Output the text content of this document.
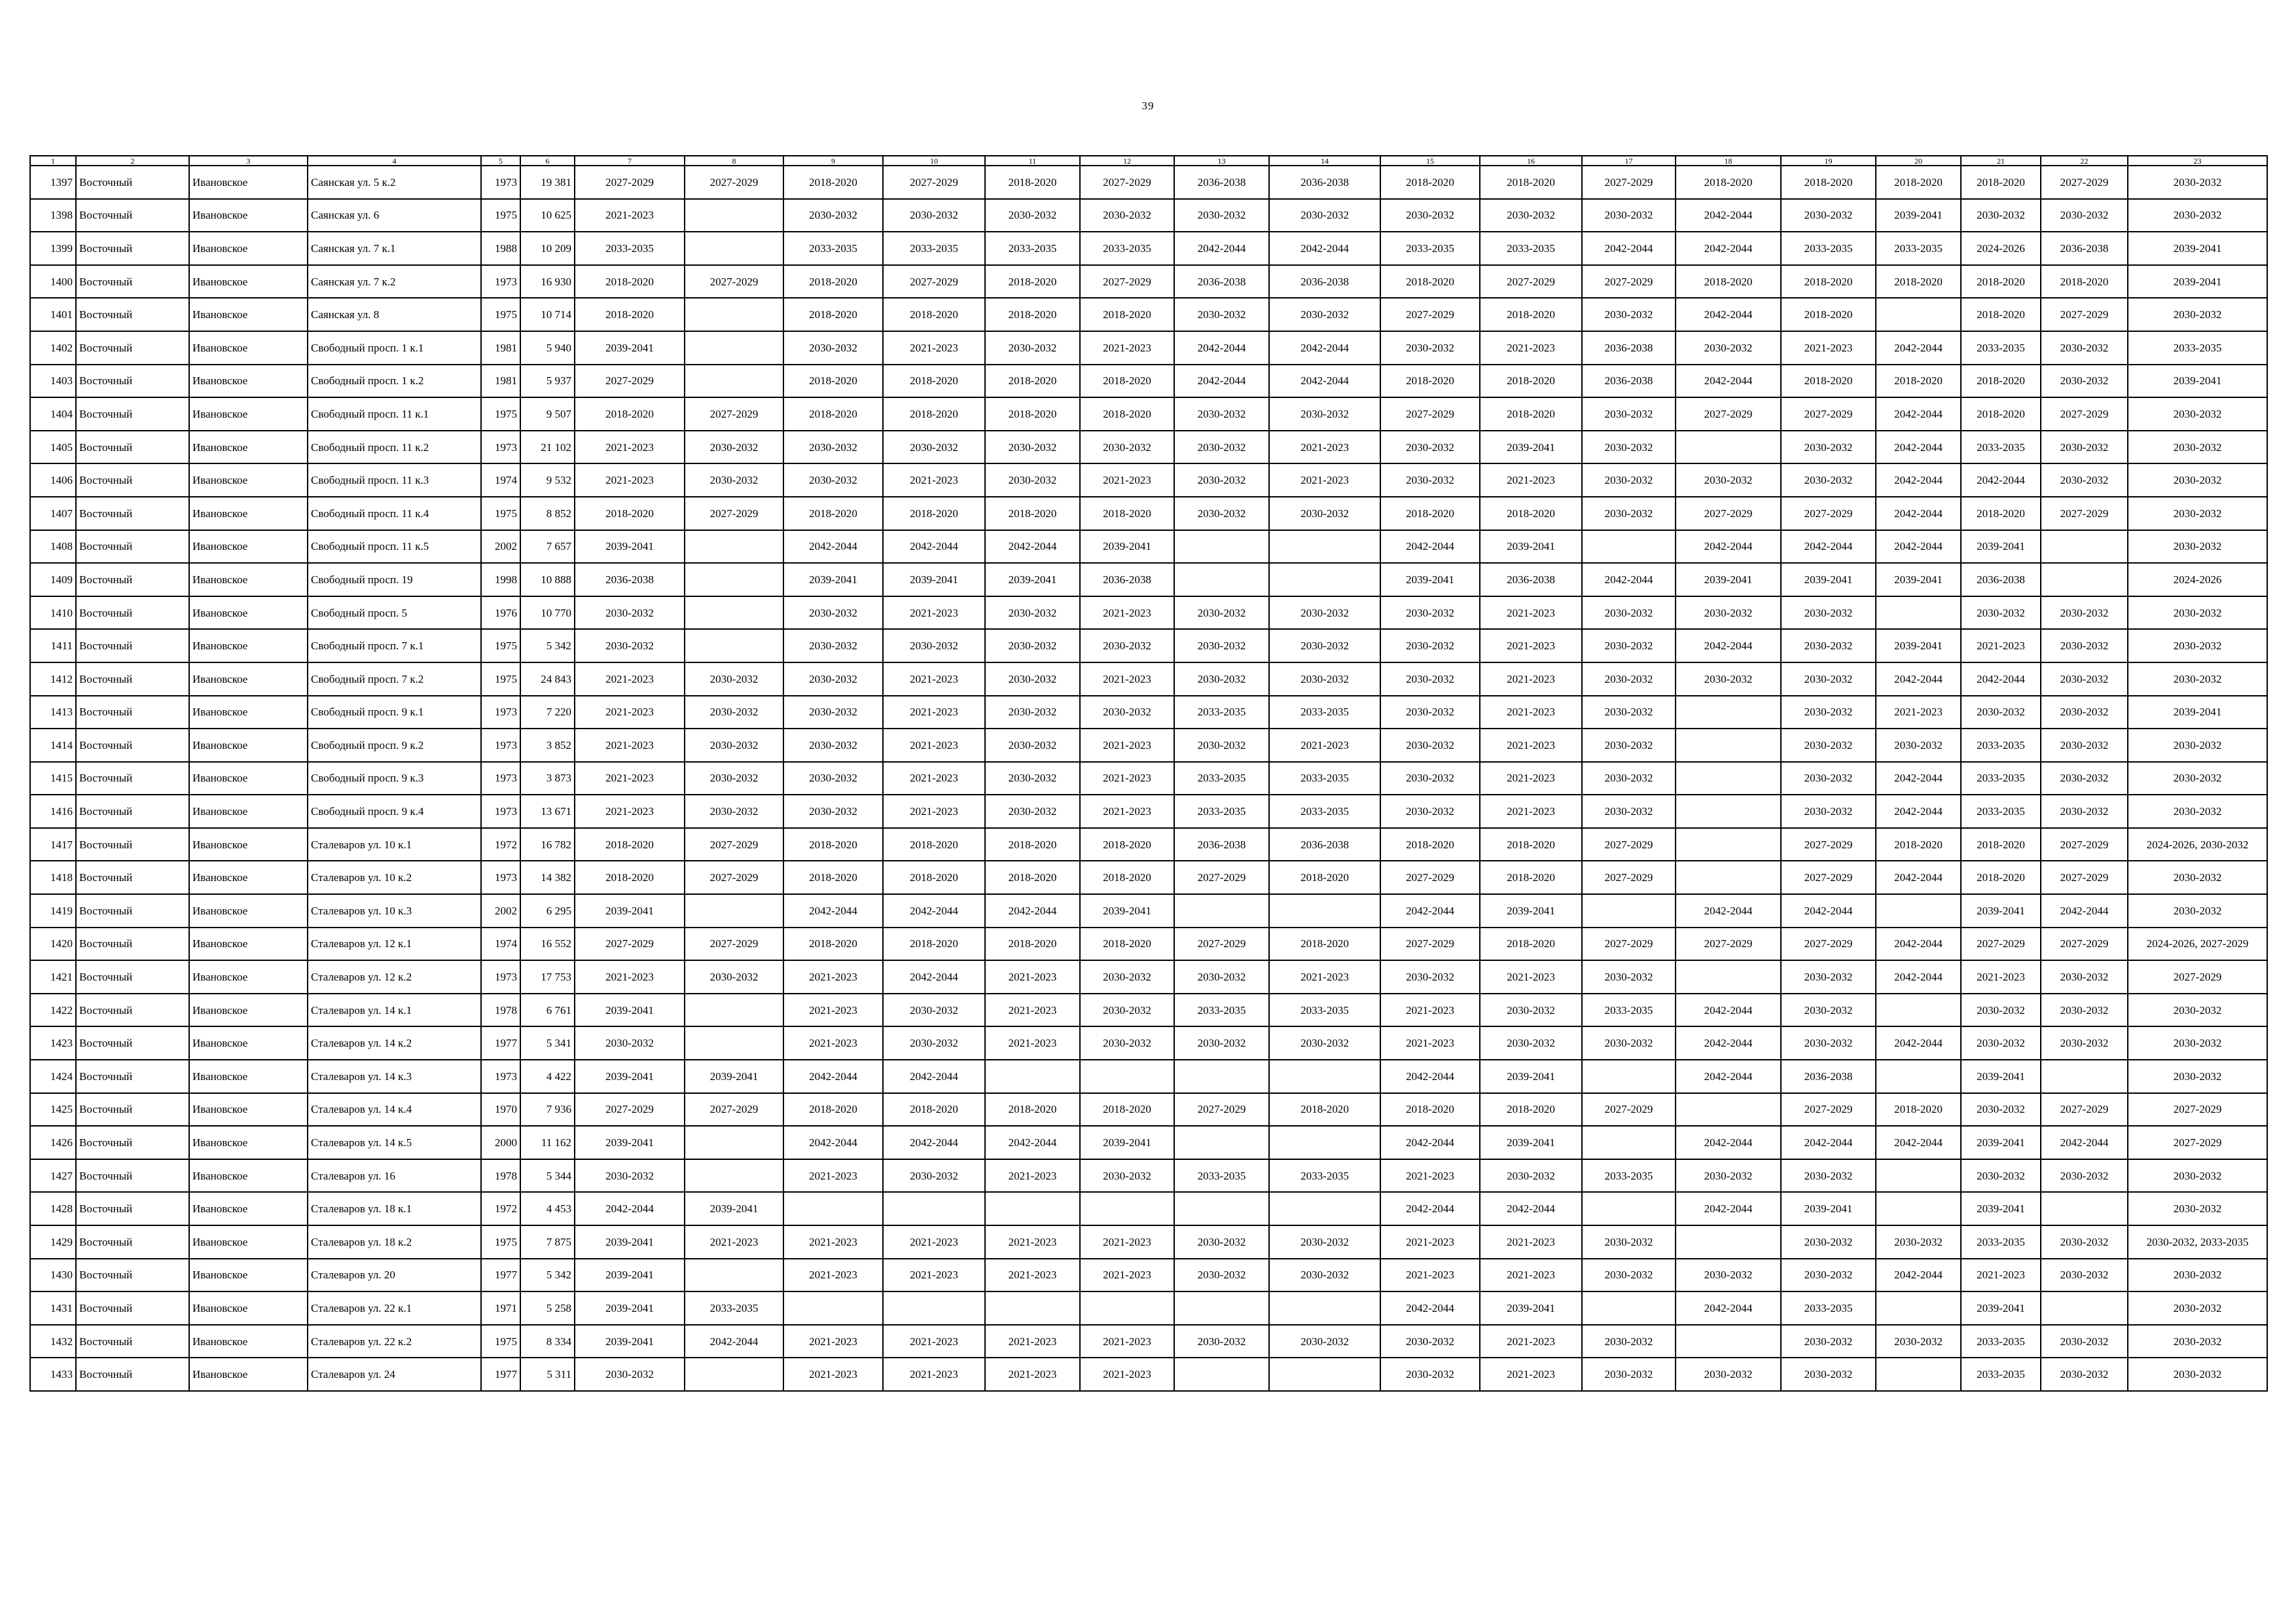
39
1	2	3	4	5	6	7	8	9	10	11	12	13	14	15	16	17	18	19	20	21	22	23
1397	Восточный	Ивановское	Саянская ул. 5 к.2	1973	19 381	2027-2029	2027-2029	2018-2020	2027-2029	2018-2020	2027-2029	2036-2038	2036-2038	2018-2020	2018-2020	2027-2029	2018-2020	2018-2020	2018-2020	2018-2020	2027-2029	2030-2032
1398	Восточный	Ивановское	Саянская ул. 6	1975	10 625	2021-2023		2030-2032	2030-2032	2030-2032	2030-2032	2030-2032	2030-2032	2030-2032	2030-2032	2030-2032	2042-2044	2030-2032	2039-2041	2030-2032	2030-2032	2030-2032
1399	Восточный	Ивановское	Саянская ул. 7 к.1	1988	10 209	2033-2035		2033-2035	2033-2035	2033-2035	2033-2035	2042-2044	2042-2044	2033-2035	2033-2035	2042-2044	2042-2044	2033-2035	2033-2035	2024-2026	2036-2038	2039-2041
1400	Восточный	Ивановское	Саянская ул. 7 к.2	1973	16 930	2018-2020	2027-2029	2018-2020	2027-2029	2018-2020	2027-2029	2036-2038	2036-2038	2018-2020	2027-2029	2027-2029	2018-2020	2018-2020	2018-2020	2018-2020	2018-2020	2039-2041
1401	Восточный	Ивановское	Саянская ул. 8	1975	10 714	2018-2020		2018-2020	2018-2020	2018-2020	2018-2020	2030-2032	2030-2032	2027-2029	2018-2020	2030-2032	2042-2044	2018-2020		2018-2020	2027-2029	2030-2032
1402	Восточный	Ивановское	Свободный просп. 1 к.1	1981	5 940	2039-2041		2030-2032	2021-2023	2030-2032	2021-2023	2042-2044	2042-2044	2030-2032	2021-2023	2036-2038	2030-2032	2021-2023	2042-2044	2033-2035	2030-2032	2033-2035
1403	Восточный	Ивановское	Свободный просп. 1 к.2	1981	5 937	2027-2029		2018-2020	2018-2020	2018-2020	2018-2020	2042-2044	2042-2044	2018-2020	2018-2020	2036-2038	2042-2044	2018-2020	2018-2020	2018-2020	2030-2032	2039-2041
1404	Восточный	Ивановское	Свободный просп. 11 к.1	1975	9 507	2018-2020	2027-2029	2018-2020	2018-2020	2018-2020	2018-2020	2030-2032	2030-2032	2027-2029	2018-2020	2030-2032	2027-2029	2027-2029	2042-2044	2018-2020	2027-2029	2030-2032
1405	Восточный	Ивановское	Свободный просп. 11 к.2	1973	21 102	2021-2023	2030-2032	2030-2032	2030-2032	2030-2032	2030-2032	2030-2032	2021-2023	2030-2032	2039-2041	2030-2032		2030-2032	2042-2044	2033-2035	2030-2032	2030-2032
1406	Восточный	Ивановское	Свободный просп. 11 к.3	1974	9 532	2021-2023	2030-2032	2030-2032	2021-2023	2030-2032	2021-2023	2030-2032	2021-2023	2030-2032	2021-2023	2030-2032	2030-2032	2030-2032	2042-2044	2042-2044	2030-2032	2030-2032
1407	Восточный	Ивановское	Свободный просп. 11 к.4	1975	8 852	2018-2020	2027-2029	2018-2020	2018-2020	2018-2020	2018-2020	2030-2032	2030-2032	2018-2020	2018-2020	2030-2032	2027-2029	2027-2029	2042-2044	2018-2020	2027-2029	2030-2032
1408	Восточный	Ивановское	Свободный просп. 11 к.5	2002	7 657	2039-2041		2042-2044	2042-2044	2042-2044	2039-2041			2042-2044	2039-2041		2042-2044	2042-2044	2042-2044	2039-2041		2030-2032
1409	Восточный	Ивановское	Свободный просп. 19	1998	10 888	2036-2038		2039-2041	2039-2041	2039-2041	2036-2038			2039-2041	2036-2038	2042-2044	2039-2041	2039-2041	2039-2041	2036-2038		2024-2026
1410	Восточный	Ивановское	Свободный просп. 5	1976	10 770	2030-2032		2030-2032	2021-2023	2030-2032	2021-2023	2030-2032	2030-2032	2030-2032	2021-2023	2030-2032	2030-2032	2030-2032		2030-2032	2030-2032	2030-2032
1411	Восточный	Ивановское	Свободный просп. 7 к.1	1975	5 342	2030-2032		2030-2032	2030-2032	2030-2032	2030-2032	2030-2032	2030-2032	2030-2032	2021-2023	2030-2032	2042-2044	2030-2032	2039-2041	2021-2023	2030-2032	2030-2032
1412	Восточный	Ивановское	Свободный просп. 7 к.2	1975	24 843	2021-2023	2030-2032	2030-2032	2021-2023	2030-2032	2021-2023	2030-2032	2030-2032	2030-2032	2021-2023	2030-2032	2030-2032	2030-2032	2042-2044	2042-2044	2030-2032	2030-2032
1413	Восточный	Ивановское	Свободный просп. 9 к.1	1973	7 220	2021-2023	2030-2032	2030-2032	2021-2023	2030-2032	2030-2032	2033-2035	2033-2035	2030-2032	2021-2023	2030-2032		2030-2032	2021-2023	2030-2032	2030-2032	2039-2041
1414	Восточный	Ивановское	Свободный просп. 9 к.2	1973	3 852	2021-2023	2030-2032	2030-2032	2021-2023	2030-2032	2021-2023	2030-2032	2021-2023	2030-2032	2021-2023	2030-2032		2030-2032	2030-2032	2033-2035	2030-2032	2030-2032
1415	Восточный	Ивановское	Свободный просп. 9 к.3	1973	3 873	2021-2023	2030-2032	2030-2032	2021-2023	2030-2032	2021-2023	2033-2035	2033-2035	2030-2032	2021-2023	2030-2032		2030-2032	2042-2044	2033-2035	2030-2032	2030-2032
1416	Восточный	Ивановское	Свободный просп. 9 к.4	1973	13 671	2021-2023	2030-2032	2030-2032	2021-2023	2030-2032	2021-2023	2033-2035	2033-2035	2030-2032	2021-2023	2030-2032		2030-2032	2042-2044	2033-2035	2030-2032	2030-2032
1417	Восточный	Ивановское	Сталеваров ул. 10 к.1	1972	16 782	2018-2020	2027-2029	2018-2020	2018-2020	2018-2020	2018-2020	2036-2038	2036-2038	2018-2020	2018-2020	2027-2029		2027-2029	2018-2020	2018-2020	2027-2029	2024-2026, 2030-2032
1418	Восточный	Ивановское	Сталеваров ул. 10 к.2	1973	14 382	2018-2020	2027-2029	2018-2020	2018-2020	2018-2020	2018-2020	2027-2029	2018-2020	2027-2029	2018-2020	2027-2029		2027-2029	2042-2044	2018-2020	2027-2029	2030-2032
1419	Восточный	Ивановское	Сталеваров ул. 10 к.3	2002	6 295	2039-2041		2042-2044	2042-2044	2042-2044	2039-2041			2042-2044	2039-2041		2042-2044	2042-2044		2039-2041	2042-2044	2030-2032
1420	Восточный	Ивановское	Сталеваров ул. 12 к.1	1974	16 552	2027-2029	2027-2029	2018-2020	2018-2020	2018-2020	2018-2020	2027-2029	2018-2020	2027-2029	2018-2020	2027-2029	2027-2029	2027-2029	2042-2044	2027-2029	2027-2029	2024-2026, 2027-2029
1421	Восточный	Ивановское	Сталеваров ул. 12 к.2	1973	17 753	2021-2023	2030-2032	2021-2023	2042-2044	2021-2023	2030-2032	2030-2032	2021-2023	2030-2032	2021-2023	2030-2032		2030-2032	2042-2044	2021-2023	2030-2032	2027-2029
1422	Восточный	Ивановское	Сталеваров ул. 14 к.1	1978	6 761	2039-2041		2021-2023	2030-2032	2021-2023	2030-2032	2033-2035	2033-2035	2021-2023	2030-2032	2033-2035	2042-2044	2030-2032		2030-2032	2030-2032	2030-2032
1423	Восточный	Ивановское	Сталеваров ул. 14 к.2	1977	5 341	2030-2032		2021-2023	2030-2032	2021-2023	2030-2032	2030-2032	2030-2032	2021-2023	2030-2032	2030-2032	2042-2044	2030-2032	2042-2044	2030-2032	2030-2032	2030-2032
1424	Восточный	Ивановское	Сталеваров ул. 14 к.3	1973	4 422	2039-2041	2039-2041	2042-2044	2042-2044					2042-2044	2039-2041		2042-2044	2036-2038		2039-2041		2030-2032
1425	Восточный	Ивановское	Сталеваров ул. 14 к.4	1970	7 936	2027-2029	2027-2029	2018-2020	2018-2020	2018-2020	2018-2020	2027-2029	2018-2020	2018-2020	2018-2020	2027-2029		2027-2029	2018-2020	2030-2032	2027-2029	2027-2029
1426	Восточный	Ивановское	Сталеваров ул. 14 к.5	2000	11 162	2039-2041		2042-2044	2042-2044	2042-2044	2039-2041			2042-2044	2039-2041		2042-2044	2042-2044	2042-2044	2039-2041	2042-2044	2027-2029
1427	Восточный	Ивановское	Сталеваров ул. 16	1978	5 344	2030-2032		2021-2023	2030-2032	2021-2023	2030-2032	2033-2035	2033-2035	2021-2023	2030-2032	2033-2035	2030-2032	2030-2032		2030-2032	2030-2032	2030-2032
1428	Восточный	Ивановское	Сталеваров ул. 18 к.1	1972	4 453	2042-2044	2039-2041							2042-2044	2042-2044		2042-2044	2039-2041		2039-2041		2030-2032
1429	Восточный	Ивановское	Сталеваров ул. 18 к.2	1975	7 875	2039-2041	2021-2023	2021-2023	2021-2023	2021-2023	2021-2023	2030-2032	2030-2032	2021-2023	2021-2023	2030-2032		2030-2032	2030-2032	2033-2035	2030-2032	2030-2032, 2033-2035
1430	Восточный	Ивановское	Сталеваров ул. 20	1977	5 342	2039-2041		2021-2023	2021-2023	2021-2023	2021-2023	2030-2032	2030-2032	2021-2023	2021-2023	2030-2032	2030-2032	2030-2032	2042-2044	2021-2023	2030-2032	2030-2032
1431	Восточный	Ивановское	Сталеваров ул. 22 к.1	1971	5 258	2039-2041	2033-2035							2042-2044	2039-2041		2042-2044	2033-2035		2039-2041		2030-2032
1432	Восточный	Ивановское	Сталеваров ул. 22 к.2	1975	8 334	2039-2041	2042-2044	2021-2023	2021-2023	2021-2023	2021-2023	2030-2032	2030-2032	2030-2032	2021-2023	2030-2032		2030-2032	2030-2032	2033-2035	2030-2032	2030-2032
1433	Восточный	Ивановское	Сталеваров ул. 24	1977	5 311	2030-2032		2021-2023	2021-2023	2021-2023	2021-2023			2030-2032	2021-2023	2030-2032	2030-2032	2030-2032		2033-2035	2030-2032	2030-2032
